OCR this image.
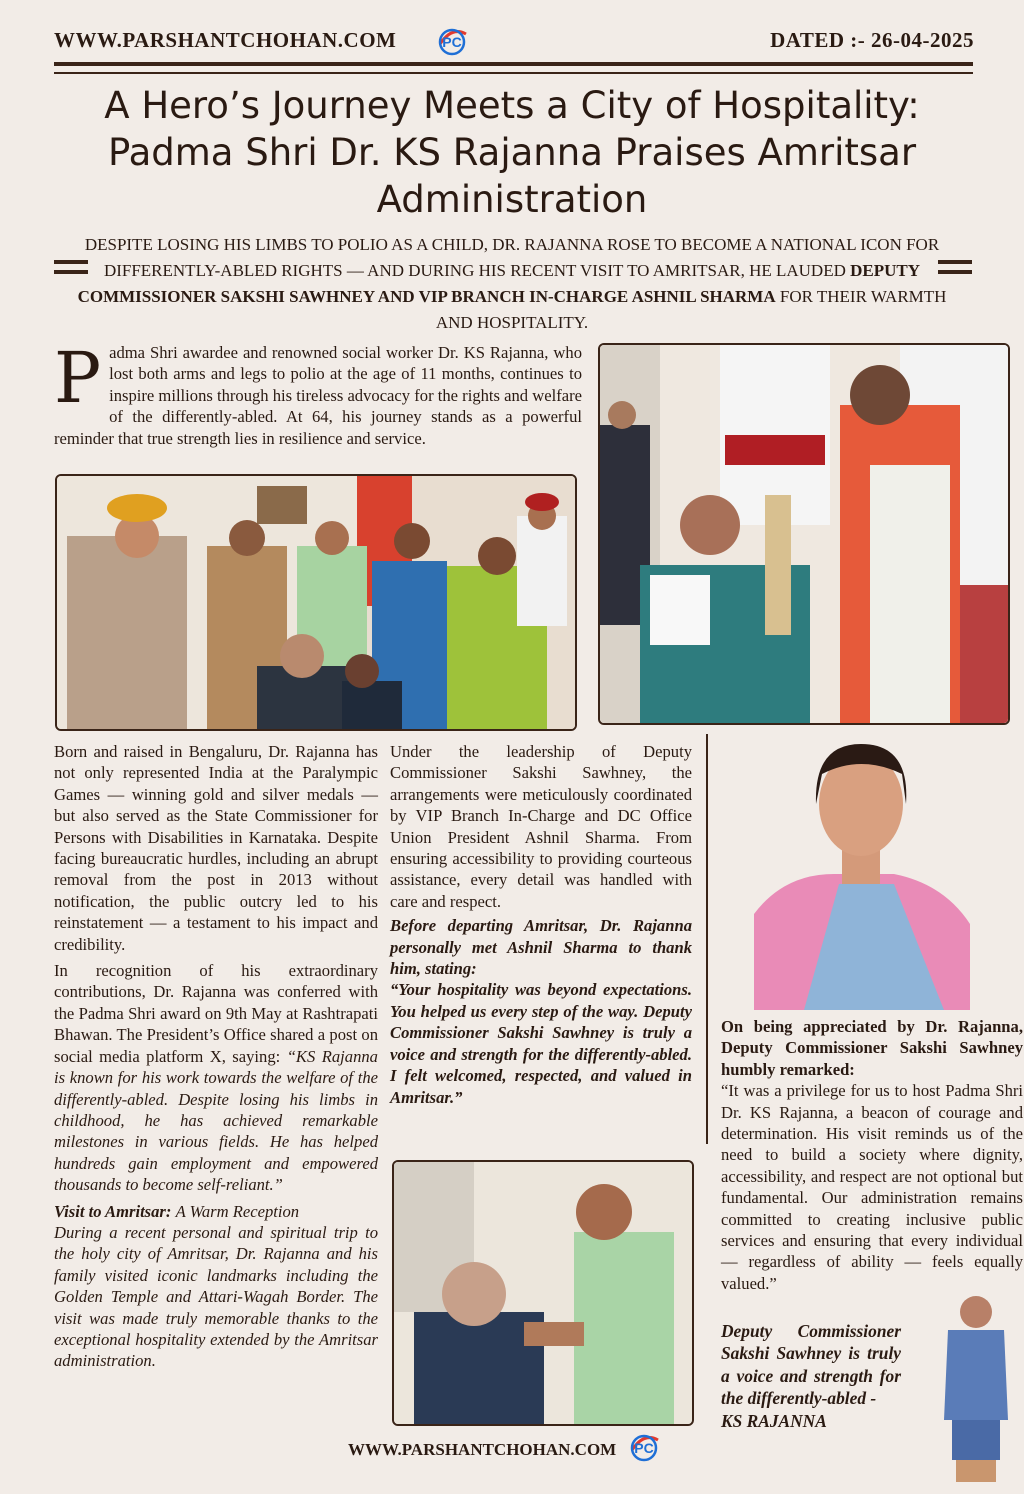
WWW.PARSHANTCHOHAN.COM	PC	DATED :- 26-04-2025
A Hero’s Journey Meets a City of Hospitality: Padma Shri Dr. KS Rajanna Praises Amritsar Administration
DESPITE LOSING HIS LIMBS TO POLIO AS A CHILD, DR. RAJANNA ROSE TO BECOME A NATIONAL ICON FOR DIFFERENTLY-ABLED RIGHTS — AND DURING HIS RECENT VISIT TO AMRITSAR, HE LAUDED DEPUTY COMMISSIONER SAKSHI SAWHNEY AND VIP BRANCH IN-CHARGE ASHNIL SHARMA FOR THEIR WARMTH AND HOSPITALITY.
Padma Shri awardee and renowned social worker Dr. KS Rajanna, who lost both arms and legs to polio at the age of 11 months, continues to inspire millions through his tireless advocacy for the rights and welfare of the differently-abled. At 64, his journey stands as a powerful reminder that true strength lies in resilience and service.

Born and raised in Bengaluru, Dr. Rajanna has not only represented India at the Paralympic Games — winning gold and silver medals — but also served as the State Commissioner for Persons with Disabilities in Karnataka. Despite facing bureaucratic hurdles, including an abrupt removal from the post in 2013 without notification, the public outcry led to his reinstatement — a testament to his impact and credibility.

In recognition of his extraordinary contributions, Dr. Rajanna was conferred with the Padma Shri award on 9th May at Rashtrapati Bhawan. The President’s Office shared a post on social media platform X, saying: “KS Rajanna is known for his work towards the welfare of the differently-abled. Despite losing his limbs in childhood, he has achieved remarkable milestones in various fields. He has helped hundreds gain employment and empowered thousands to become self-reliant.”

Visit to Amritsar: A Warm Reception

During a recent personal and spiritual trip to the holy city of Amritsar, Dr. Rajanna and his family visited iconic landmarks including the Golden Temple and Attari-Wagah Border. The visit was made truly memorable thanks to the exceptional hospitality extended by the Amritsar administration.

Under the leadership of Deputy Commissioner Sakshi Sawhney, the arrangements were meticulously coordinated by VIP Branch In-Charge and DC Office Union President Ashnil Sharma. From ensuring accessibility to providing courteous assistance, every detail was handled with care and respect.

Before departing Amritsar, Dr. Rajanna personally met Ashnil Sharma to thank him, stating:

“Your hospitality was beyond expectations. You helped us every step of the way. Deputy Commissioner Sakshi Sawhney is truly a voice and strength for the differently-abled. I felt welcomed, respected, and valued in Amritsar.”

On being appreciated by Dr. Rajanna, Deputy Commissioner Sakshi Sawhney humbly remarked:

“It was a privilege for us to host Padma Shri Dr. KS Rajanna, a beacon of courage and determination. His visit reminds us of the need to build a society where dignity, accessibility, and respect are not optional but fundamental. Our administration remains committed to creating inclusive public services and ensuring that every individual — regardless of ability — feels equally valued.”

Deputy Commissioner Sakshi Sawhney is truly a voice and strength for the differently-abled -
KS RAJANNA
WWW.PARSHANTCHOHAN.COM PC
